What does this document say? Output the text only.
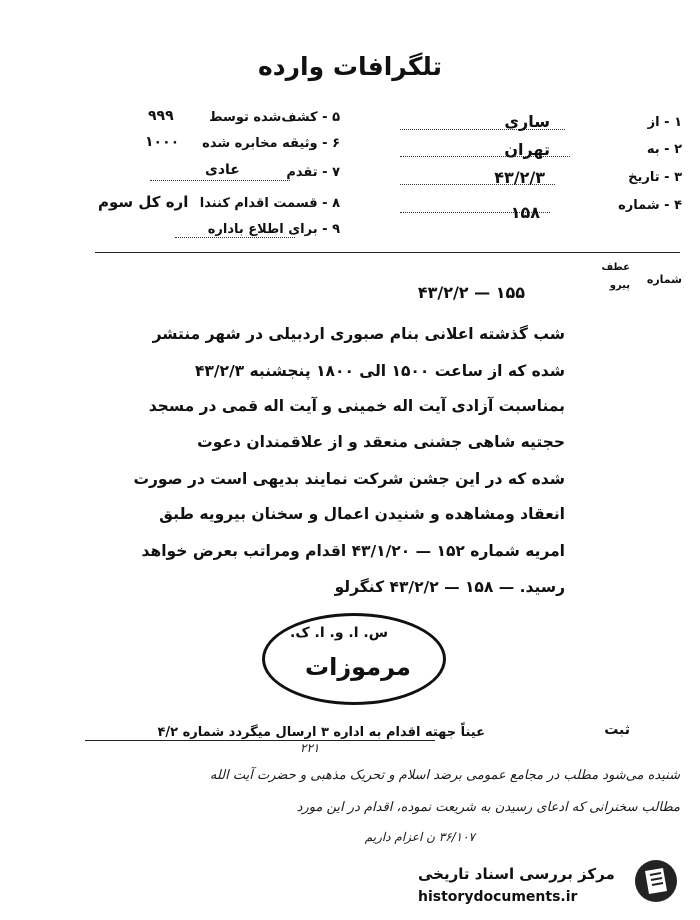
تلگرافات وارده
۱ - از
ساری
۲ - به
تهران
۳ - تاریخ
۴۳/۲/۳
۴ - شماره
۱۵۸
۵ - کشف‌شده توسط
۹۹۹
۶ - وثیقه مخابره شده
۱۰۰۰
۷ - تقدم
عادی
۸ - قسمت اقدام کنندا
اره کل سوم
۹ - برای اطلاع باداره
شماره
عطف
پیرو
۴۳/۲/۲ — ۱۵۵
شب گذشته اعلانی بنام صبوری اردبیلی در شهر منتشر
شده که از ساعت ۱۵۰۰ الی ۱۸۰۰ پنجشنبه ۴۳/۲/۳
بمناسبت آزادی آیت اله خمینی و آیت اله قمی در مسجد
حجتیه شاهی جشنی منعقد و از علاقمندان دعوت
شده که در این جشن شرکت نمایند بدیهی است در صورت
انعقاد ومشاهده و شنیدن اعمال و سخنان بیرویه طبق
امریه شماره ۱۵۲ — ۴۳/۱/۲۰ اقدام ومراتب بعرض خواهد
رسید. — ۱۵۸ — ۴۳/۲/۲ کنگرلو
س. ا. و. ا. ک.
مرموزات
ثبت
عیناً جهته اقدام به اداره ۳ ارسال میگردد شماره ۴/۲
۲۲۱
شنیده می‌شود مطلب در مجامع عمومی برضد اسلام و تحریک مذهبی و حضرت آیت الله
مطالب سخنرانی که ادعای رسیدن به شریعت نموده، اقدام در این مورد
۳۶/۱۰۷ ن اعزام داریم
مرکز بررسی اسناد تاریخی
historydocuments.ir
